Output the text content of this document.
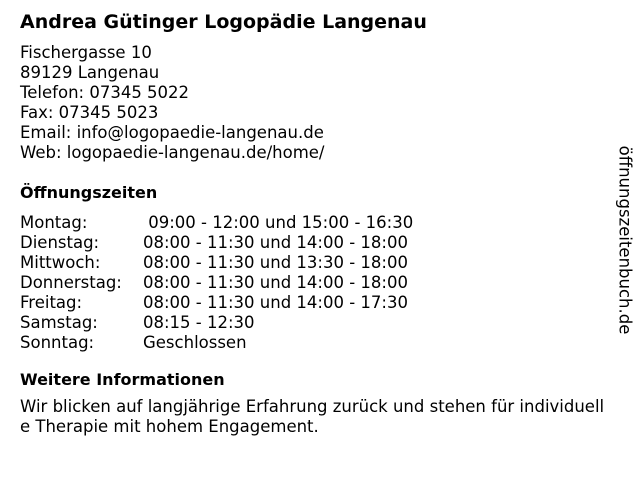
Andrea Gütinger Logopädie Langenau
Fischergasse 10
89129 Langenau
Telefon: 07345 5022
Fax: 07345 5023
Email: info@logopaedie-langenau.de
Web: logopaedie-langenau.de/home/
Öffnungszeiten
Montag:	09:00 - 12:00 und 15:00 - 16:30
Dienstag:	08:00 - 11:30 und 14:00 - 18:00
Mittwoch:	08:00 - 11:30 und 13:30 - 18:00
Donnerstag:	08:00 - 11:30 und 14:00 - 18:00
Freitag:	08:00 - 11:30 und 14:00 - 17:30
Samstag:	08:15 - 12:30
Sonntag:	Geschlossen
Weitere Informationen
Wir blicken auf langjährige Erfahrung zurück und stehen für individuelle Therapie mit hohem Engagement.
öffnungszeitenbuch.de
